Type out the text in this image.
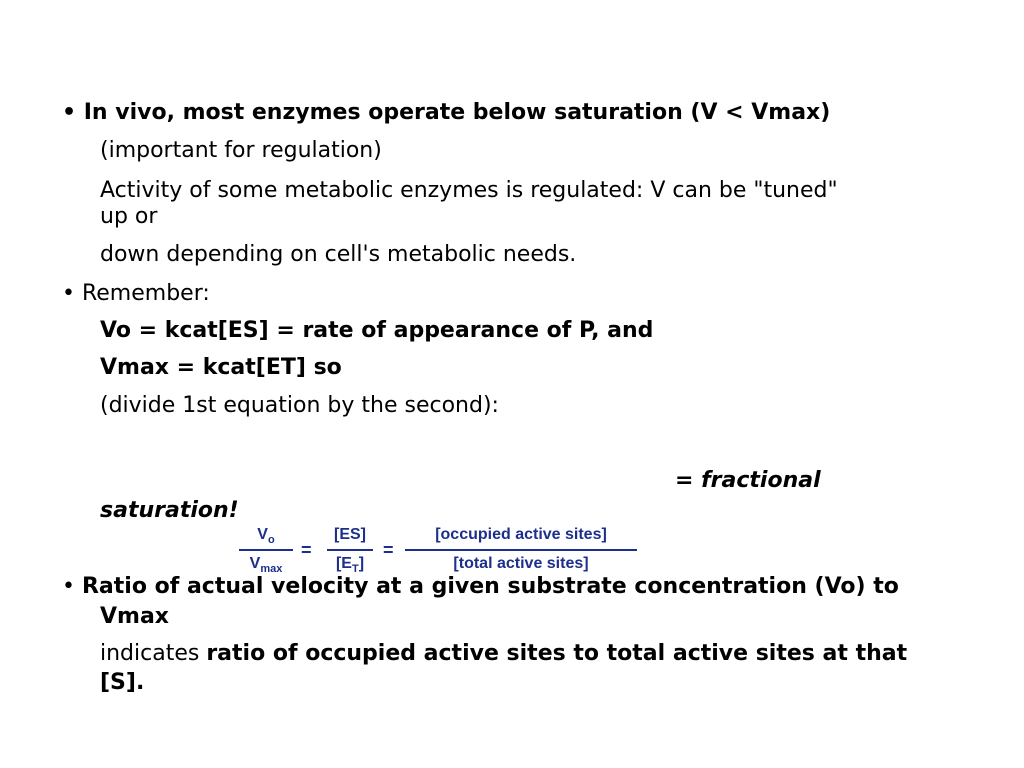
• In vivo, most enzymes operate below saturation (V < Vmax)
(important for regulation)
Activity of some metabolic enzymes is regulated: V can be "tuned"
up or
down depending on cell's metabolic needs.
• Remember:
Vo = kcat[ES] = rate of appearance of P, and
Vmax = kcat[ET] so
(divide 1st equation by the second):
= fractional
saturation!
$V_o$
$V_{max}$
=
[ES]
$[E_T]$
=
[occupied active sites]
[total active sites]
• Ratio of actual velocity at a given substrate concentration (Vo) to
Vmax
indicates ratio of occupied active sites to total active sites at that
[S].
